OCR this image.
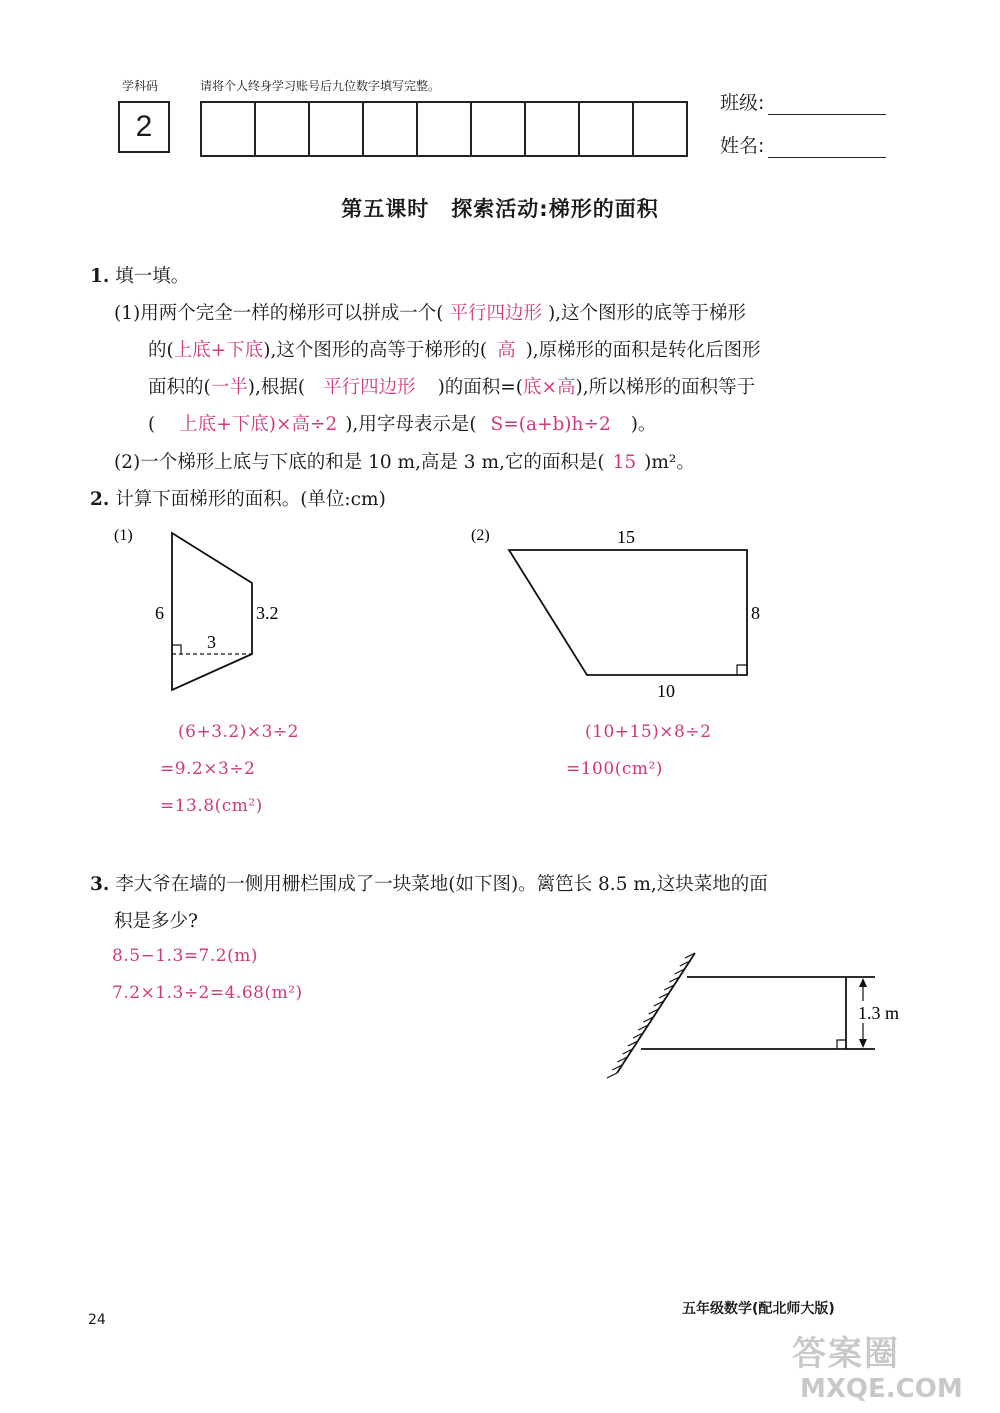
学科码	请将个人终身学习账号后九位数字填写完整。
2
班级:
姓名:
第五课时　探索活动:梯形的面积
1. 填一填。
(1)用两个完全一样的梯形可以拼成一个( 平行四边形 ),这个图形的底等于梯形
的(上底+下底),这个图形的高等于梯形的( 高 ),原梯形的面积是转化后图形
面积的(一半),根据( 平行四边形 )的面积=(底×高),所以梯形的面积等于
( 上底+下底)×高÷2 ),用字母表示是( S=(a+b)h÷2 )。
(2)一个梯形上底与下底的和是 10 m,高是 3 m,它的面积是( 15 )m²。
2. 计算下面梯形的面积。(单位:cm)
(1)
6	3.2
3
(2)	15
8
10
(6+3.2)×3÷2
=9.2×3÷2
=13.8(cm²)
(10+15)×8÷2
=100(cm²)
3. 李大爷在墙的一侧用栅栏围成了一块菜地(如下图)。篱笆长 8.5 m,这块菜地的面
积是多少?
8.5−1.3=7.2(m)
7.2×1.3÷2=4.68(m²)
1.3 m
24
五年级数学(配北师大版)
答案圈
MXQE.COM
